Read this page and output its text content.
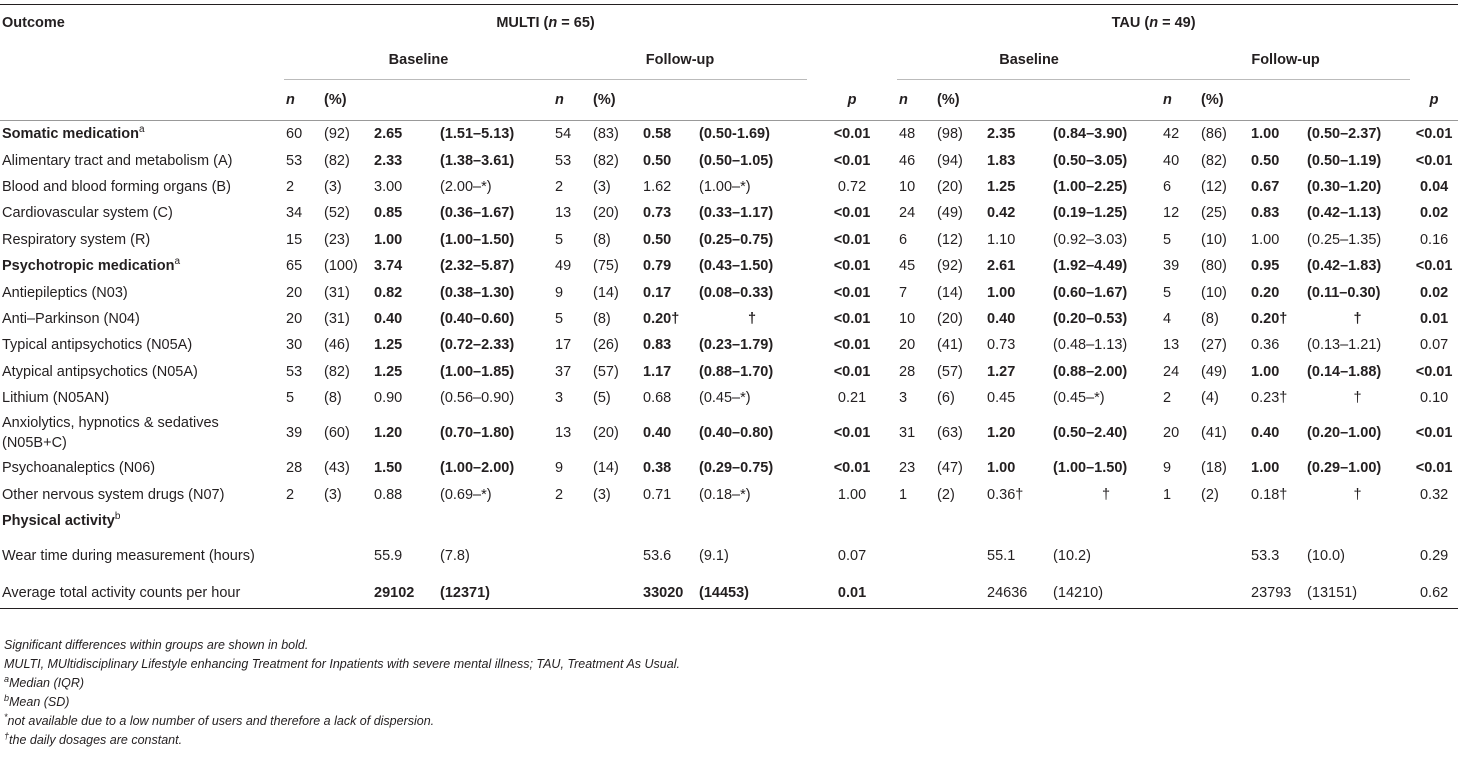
Outcome	MULTI (n = 65)									TAU (n = 49)								
	Baseline				Follow-up					Baseline				Follow-up				
	n	(%)			n	(%)			p	n	(%)			n	(%)			p
Somatic medication$^a$	60	(92)	2.65	(1.51–5.13)	54	(83)	0.58	(0.50-1.69)	<0.01	48	(98)	2.35	(0.84–3.90)	42	(86)	1.00	(0.50–2.37)	<0.01
Alimentary tract and metabolism (A)	53	(82)	2.33	(1.38–3.61)	53	(82)	0.50	(0.50–1.05)	<0.01	46	(94)	1.83	(0.50–3.05)	40	(82)	0.50	(0.50–1.19)	<0.01
Blood and blood forming organs (B)	2	(3)	3.00	(2.00–*)	2	(3)	1.62	(1.00–*)	0.72	10	(20)	1.25	(1.00–2.25)	6	(12)	0.67	(0.30–1.20)	0.04
Cardiovascular system (C)	34	(52)	0.85	(0.36–1.67)	13	(20)	0.73	(0.33–1.17)	<0.01	24	(49)	0.42	(0.19–1.25)	12	(25)	0.83	(0.42–1.13)	0.02
Respiratory system (R)	15	(23)	1.00	(1.00–1.50)	5	(8)	0.50	(0.25–0.75)	<0.01	6	(12)	1.10	(0.92–3.03)	5	(10)	1.00	(0.25–1.35)	0.16
Psychotropic medication$^a$	65	(100)	3.74	(2.32–5.87)	49	(75)	0.79	(0.43–1.50)	<0.01	45	(92)	2.61	(1.92–4.49)	39	(80)	0.95	(0.42–1.83)	<0.01
Antiepileptics (N03)	20	(31)	0.82	(0.38–1.30)	9	(14)	0.17	(0.08–0.33)	<0.01	7	(14)	1.00	(0.60–1.67)	5	(10)	0.20	(0.11–0.30)	0.02
Anti–Parkinson (N04)	20	(31)	0.40	(0.40–0.60)	5	(8)	0.20†	†	<0.01	10	(20)	0.40	(0.20–0.53)	4	(8)	0.20†	†	0.01
Typical antipsychotics (N05A)	30	(46)	1.25	(0.72–2.33)	17	(26)	0.83	(0.23–1.79)	<0.01	20	(41)	0.73	(0.48–1.13)	13	(27)	0.36	(0.13–1.21)	0.07
Atypical antipsychotics (N05A)	53	(82)	1.25	(1.00–1.85)	37	(57)	1.17	(0.88–1.70)	<0.01	28	(57)	1.27	(0.88–2.00)	24	(49)	1.00	(0.14–1.88)	<0.01
Lithium (N05AN)	5	(8)	0.90	(0.56–0.90)	3	(5)	0.68	(0.45–*)	0.21	3	(6)	0.45	(0.45–*)	2	(4)	0.23†	†	0.10
Anxiolytics, hypnotics & sedatives (N05B+C)	39	(60)	1.20	(0.70–1.80)	13	(20)	0.40	(0.40–0.80)	<0.01	31	(63)	1.20	(0.50–2.40)	20	(41)	0.40	(0.20–1.00)	<0.01
Psychoanaleptics (N06)	28	(43)	1.50	(1.00–2.00)	9	(14)	0.38	(0.29–0.75)	<0.01	23	(47)	1.00	(1.00–1.50)	9	(18)	1.00	(0.29–1.00)	<0.01
Other nervous system drugs (N07)	2	(3)	0.88	(0.69–*)	2	(3)	0.71	(0.18–*)	1.00	1	(2)	0.36†	†	1	(2)	0.18†	†	0.32
Physical activity$^b$																		
Wear time during measurement (hours)			55.9	(7.8)			53.6	(9.1)	0.07			55.1	(10.2)			53.3	(10.0)	0.29
Average total activity counts per hour			29102	(12371)			33020	(14453)	0.01			24636	(14210)			23793	(13151)	0.62
Significant differences within groups are shown in bold.
MULTI, MUltidisciplinary Lifestyle enhancing Treatment for Inpatients with severe mental illness; TAU, Treatment As Usual.
$^a$Median (IQR)
$^b$Mean (SD)
*not available due to a low number of users and therefore a lack of dispersion.
†the daily dosages are constant.
